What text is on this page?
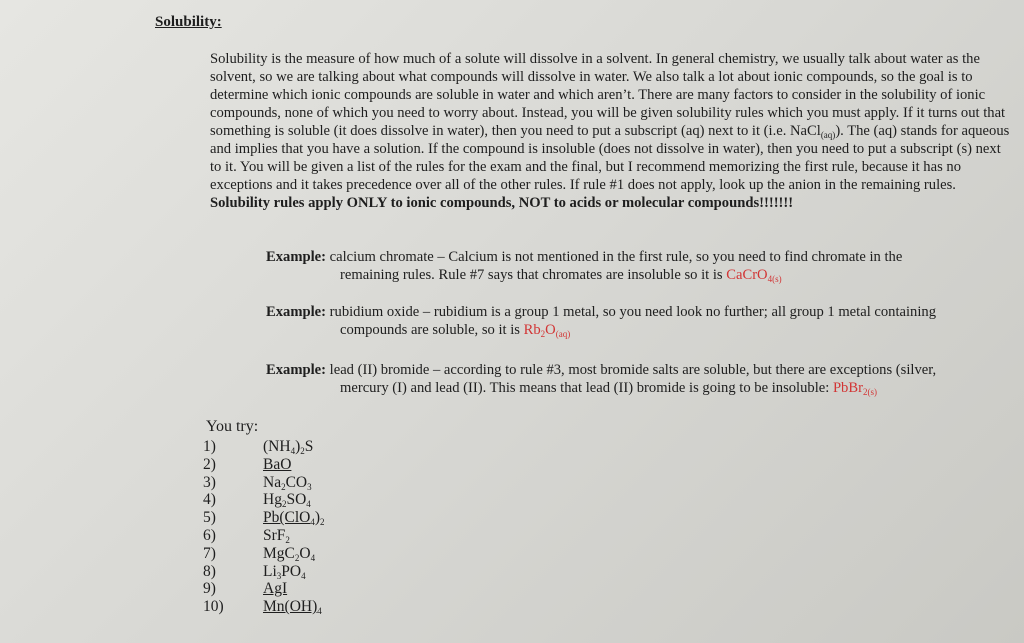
Solubility:
Solubility is the measure of how much of a solute will dissolve in a solvent. In general chemistry, we usually talk about water as the solvent, so we are talking about what compounds will dissolve in water. We also talk a lot about ionic compounds, so the goal is to determine which ionic compounds are soluble in water and which aren’t. There are many factors to consider in the solubility of ionic compounds, none of which you need to worry about. Instead, you will be given solubility rules which you must apply. If it turns out that something is soluble (it does dissolve in water), then you need to put a subscript (aq) next to it (i.e. NaCl$_{(aq)}$). The (aq) stands for aqueous and implies that you have a solution. If the compound is insoluble (does not dissolve in water), then you need to put a subscript (s) next to it. You will be given a list of the rules for the exam and the final, but I recommend memorizing the first rule, because it has no exceptions and it takes precedence over all of the other rules. If rule #1 does not apply, look up the anion in the remaining rules. Solubility rules apply ONLY to ionic compounds, NOT to acids or molecular compounds!!!!!!!
Example: calcium chromate – Calcium is not mentioned in the first rule, so you need to find chromate in the
remaining rules. Rule #7 says that chromates are insoluble so it is CaCrO$_{4(s)}$
Example: rubidium oxide – rubidium is a group 1 metal, so you need look no further; all group 1 metal containing
compounds are soluble, so it is $Rb_2O_{(aq)}$
Example: lead (II) bromide – according to rule #3, most bromide salts are soluble, but there are exceptions (silver,
mercury (I) and lead (II). This means that lead (II) bromide is going to be insoluble: PbBr$_{2(s)}$
You try:
1)	$(NH_4)_2S$
2)	BaO
3)	$Na_2CO_3$
4)	$Hg_2SO_4$
5)	$Pb(ClO_4)_2$
6)	SrF$_2$
7)	$MgC_2O_4$
8)	$Li_3PO_4$
9)	AgI
10)	$Mn(OH)_4$
